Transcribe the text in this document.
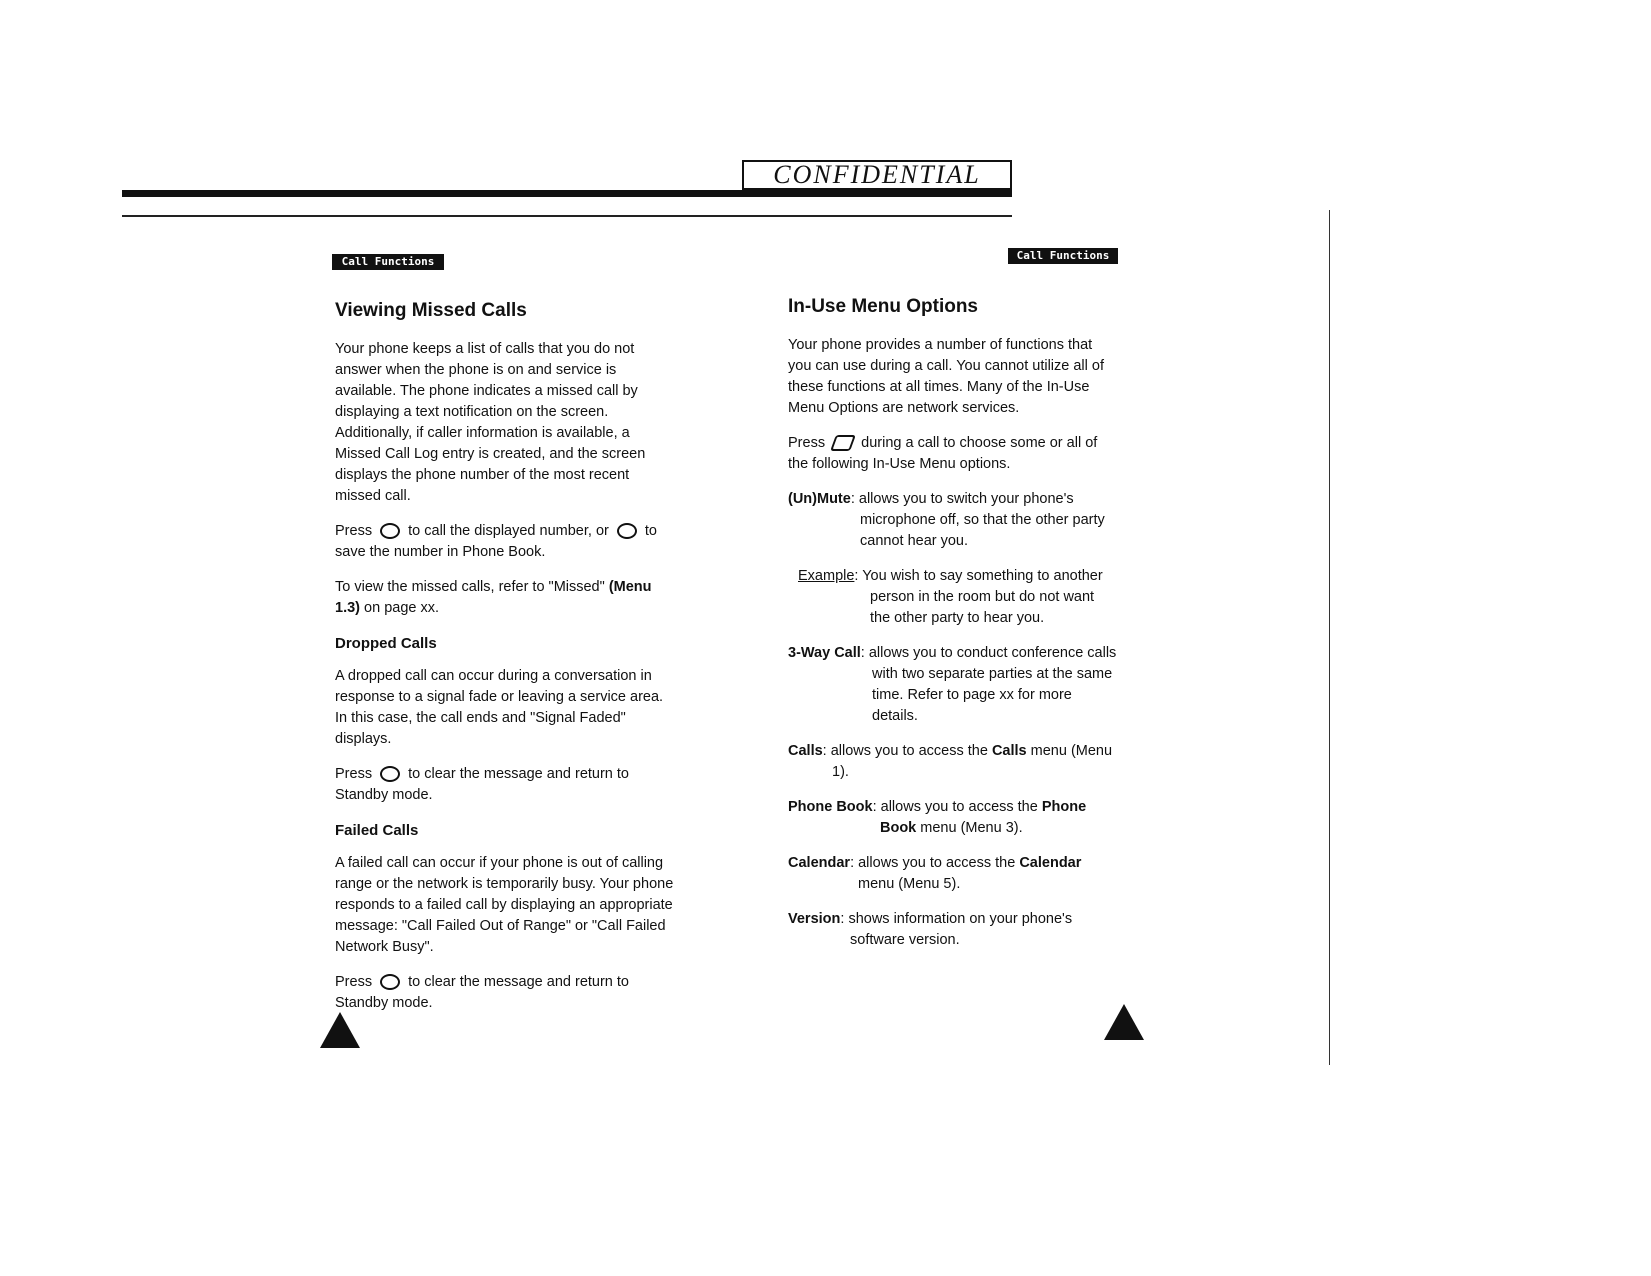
CONFIDENTIAL
Call Functions	Call Functions
Viewing Missed Calls

Your phone keeps a list of calls that you do not answer when the phone is on and service is available. The phone indicates a missed call by displaying a text notification on the screen. Additionally, if caller information is available, a Missed Call Log entry is created, and the screen displays the phone number of the most recent missed call.

Press to call the displayed number, or to save the number in Phone Book.

To view the missed calls, refer to "Missed" (Menu 1.3) on page xx.

Dropped Calls

A dropped call can occur during a conversation in response to a signal fade or leaving a service area. In this case, the call ends and "Signal Faded" displays.

Press to clear the message and return to Standby mode.

Failed Calls

A failed call can occur if your phone is out of calling range or the network is temporarily busy. Your phone responds to a failed call by displaying an appropriate message: "Call Failed Out of Range" or "Call Failed Network Busy".

Press to clear the message and return to Standby mode.

In-Use Menu Options

Your phone provides a number of functions that you can use during a call. You cannot utilize all of these functions at all times. Many of the In-Use Menu Options are network services.

Press during a call to choose some or all of the following In-Use Menu options.

(Un)Mute: allows you to switch your phone's microphone off, so that the other party cannot hear you.

Example: You wish to say something to another person in the room but do not want the other party to hear you.

3-Way Call: allows you to conduct conference calls with two separate parties at the same time. Refer to page xx for more details.

Calls: allows you to access the Calls menu (Menu 1).

Phone Book: allows you to access the Phone Book menu (Menu 3).

Calendar: allows you to access the Calendar menu (Menu 5).

Version: shows information on your phone's software version.
